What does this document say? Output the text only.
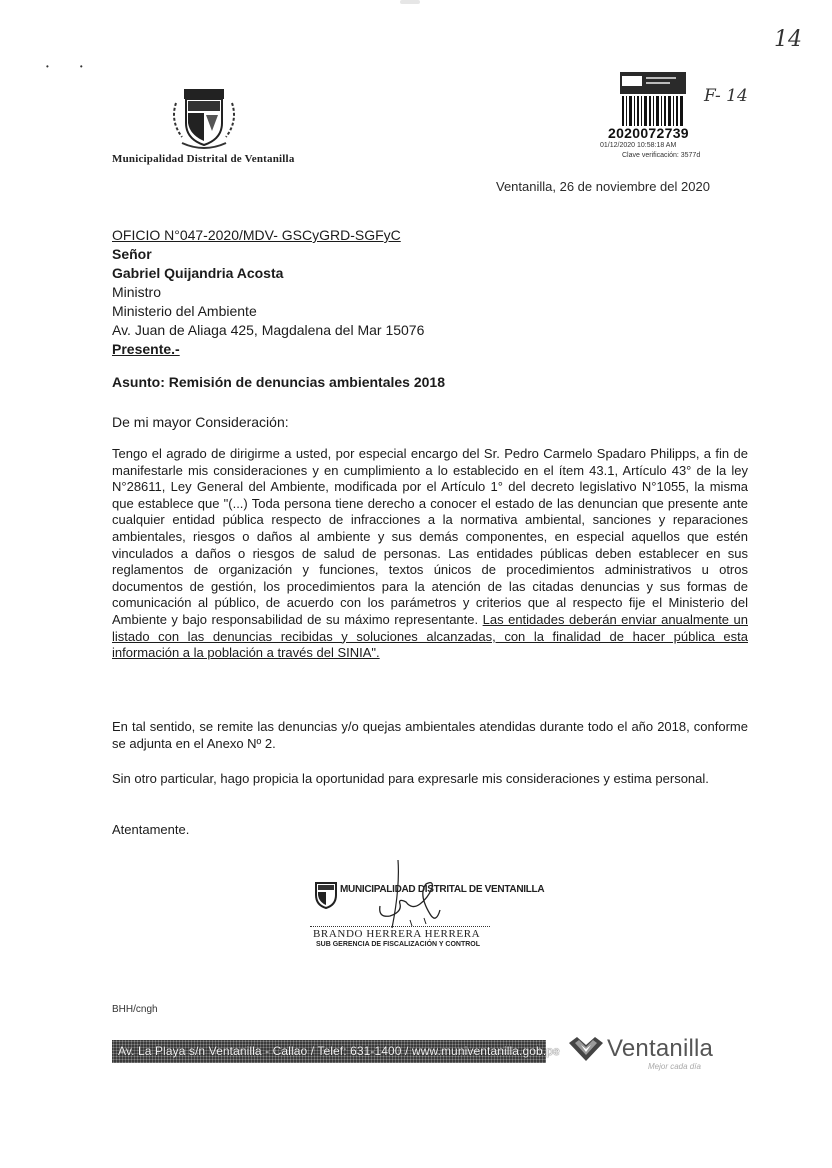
•              •
14
Municipalidad Distrital de Ventanilla
F- 14
2020072739
01/12/2020 10:58:18 AM
Clave verificación: 3577d
Ventanilla, 26 de noviembre del 2020
OFICIO N°047-2020/MDV- GSCyGRD-SGFyC
Señor
Gabriel Quijandria Acosta
Ministro
Ministerio del Ambiente
Av. Juan de Aliaga 425, Magdalena del Mar 15076
Presente.-
Asunto: Remisión de denuncias ambientales 2018
De mi mayor Consideración:
Tengo el agrado de dirigirme a usted, por especial encargo del Sr. Pedro Carmelo Spadaro Philipps, a fin de manifestarle mis consideraciones y en cumplimiento a lo establecido en el ítem 43.1, Artículo 43° de la ley N°28611, Ley General del Ambiente, modificada por el Artículo 1° del decreto legislativo N°1055, la misma que establece que "(...) Toda persona tiene derecho a conocer el estado de las denuncian que presente ante cualquier entidad pública respecto de infracciones a la normativa ambiental, sanciones y reparaciones ambientales, riesgos o daños al ambiente y sus demás componentes, en especial aquellos que estén vinculados a daños o riesgos de salud de personas. Las entidades públicas deben establecer en sus reglamentos de organización y funciones, textos únicos de procedimientos administrativos u otros documentos de gestión, los procedimientos para la atención de las citadas denuncias y sus formas de comunicación al público, de acuerdo con los parámetros y criterios que al respecto fije el Ministerio del Ambiente y bajo responsabilidad de su máximo representante. Las entidades deberán enviar anualmente un listado con las denuncias recibidas y soluciones alcanzadas, con la finalidad de hacer pública esta información a la población a través del SINIA".
En tal sentido, se remite las denuncias y/o quejas ambientales atendidas durante todo el año 2018, conforme se adjunta en el Anexo Nº 2.
Sin otro particular, hago propicia la oportunidad para expresarle mis consideraciones y estima personal.
Atentamente.
MUNICIPALIDAD DISTRITAL DE VENTANILLA
BRANDO HERRERA HERRERA
SUB GERENCIA DE FISCALIZACIÓN Y CONTROL
BHH/cngh
Av. La Playa s/n Ventanilla - Callao / Telef: 631-1400 / www.muniventanilla.gob.pe Ventanilla
Mejor cada día
